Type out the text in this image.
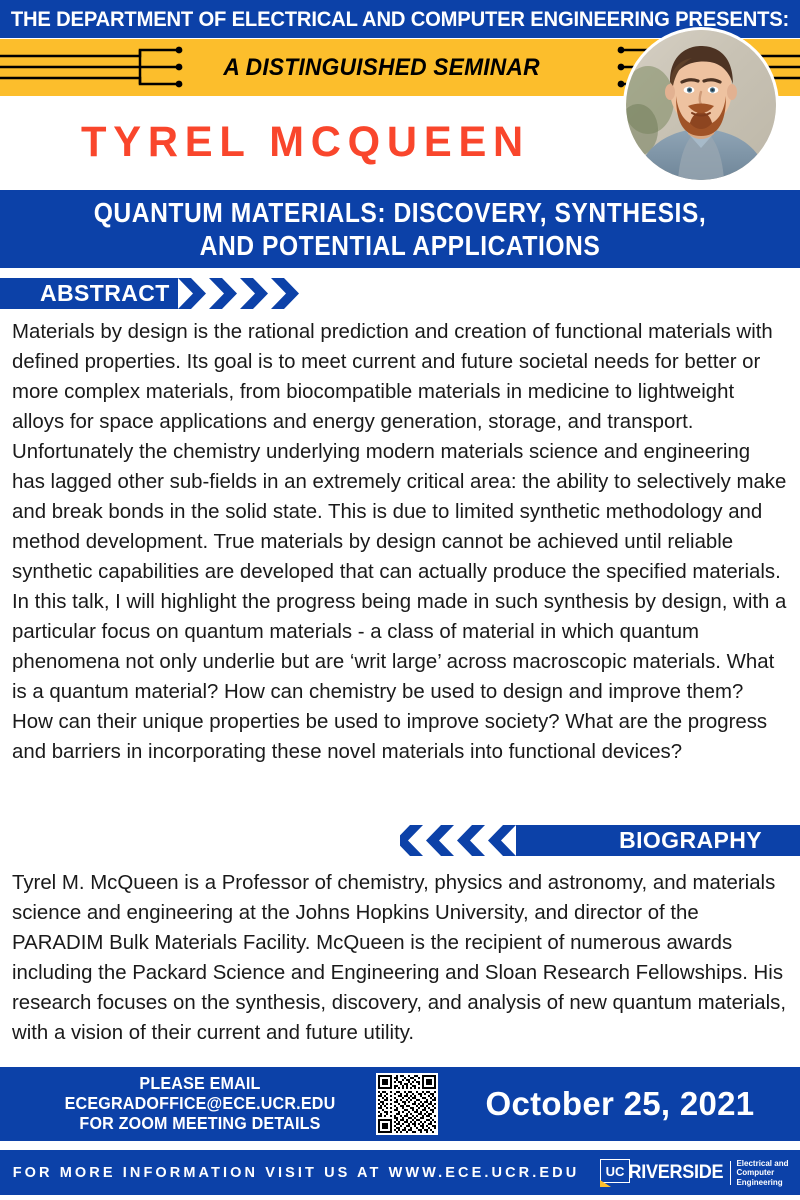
THE DEPARTMENT OF ELECTRICAL AND COMPUTER ENGINEERING PRESENTS:
A DISTINGUISHED SEMINAR
TYREL MCQUEEN
QUANTUM MATERIALS: DISCOVERY, SYNTHESIS, AND POTENTIAL APPLICATIONS
ABSTRACT
Materials by design is the rational prediction and creation of functional materials with defined properties. Its goal is to meet current and future societal needs for better or more complex materials, from biocompatible materials in medicine to lightweight alloys for space applications and energy generation, storage, and transport. Unfortunately the chemistry underlying modern materials science and engineering has lagged other sub-fields in an extremely critical area: the ability to selectively make and break bonds in the solid state. This is due to limited synthetic methodology and method development. True materials by design cannot be achieved until reliable synthetic capabilities are developed that can actually produce the specified materials. In this talk, I will highlight the progress being made in such synthesis by design, with a particular focus on quantum materials - a class of material in which quantum phenomena not only underlie but are ‘writ large’ across macroscopic materials. What is a quantum material? How can chemistry be used to design and improve them? How can their unique properties be used to improve society? What are the progress and barriers in incorporating these novel materials into functional devices?
BIOGRAPHY
Tyrel M. McQueen is a Professor of chemistry, physics and astronomy, and materials science and engineering at the Johns Hopkins University, and director of the PARADIM Bulk Materials Facility. McQueen is the recipient of numerous awards including the Packard Science and Engineering and Sloan Research Fellowships. His research focuses on the synthesis, discovery, and analysis of new quantum materials, with a vision of their current and future utility.
PLEASE EMAIL
ECEGRADOFFICE@ECE.UCR.EDU
FOR ZOOM MEETING DETAILS
October 25, 2021
FOR MORE INFORMATION VISIT US AT WWW.ECE.UCR.EDU	UC RIVERSIDE Electrical and Computer
Engineering
